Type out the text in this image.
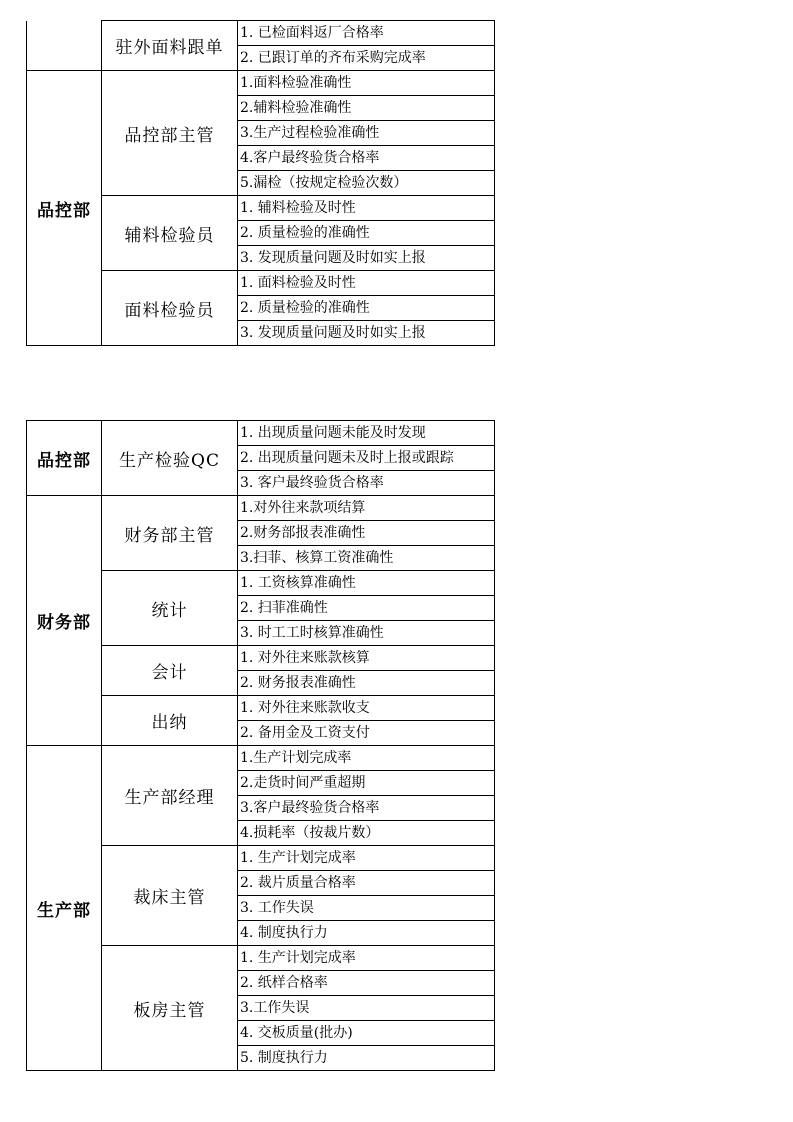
	驻外面料跟单	1. 已检面料返厂合格率
		2. 已跟订单的齐布采购完成率
品控部	品控部主管	1.面料检验准确性
		2.辅料检验准确性
		3.生产过程检验准确性
		4.客户最终验货合格率
		5.漏检（按规定检验次数）
	辅料检验员	1. 辅料检验及时性
		2. 质量检验的准确性
		3. 发现质量问题及时如实上报
	面料检验员	1. 面料检验及时性
		2. 质量检验的准确性
		3. 发现质量问题及时如实上报
品控部	生产检验QC	1. 出现质量问题未能及时发现
		2. 出现质量问题未及时上报或跟踪
		3. 客户最终验货合格率
财务部	财务部主管	1.对外往来款项结算
		2.财务部报表准确性
		3.扫菲、核算工资准确性
	统计	1. 工资核算准确性
		2. 扫菲准确性
		3. 时工工时核算准确性
	会计	1. 对外往来账款核算
		2. 财务报表准确性
	出纳	1. 对外往来账款收支
		2. 备用金及工资支付
生产部	生产部经理	1.生产计划完成率
		2.走货时间严重超期
		3.客户最终验货合格率
		4.损耗率（按裁片数）
	裁床主管	1. 生产计划完成率
		2. 裁片质量合格率
		3. 工作失误
		4. 制度执行力
	板房主管	1. 生产计划完成率
		2. 纸样合格率
		3.工作失误
		4. 交板质量(批办)
		5. 制度执行力
